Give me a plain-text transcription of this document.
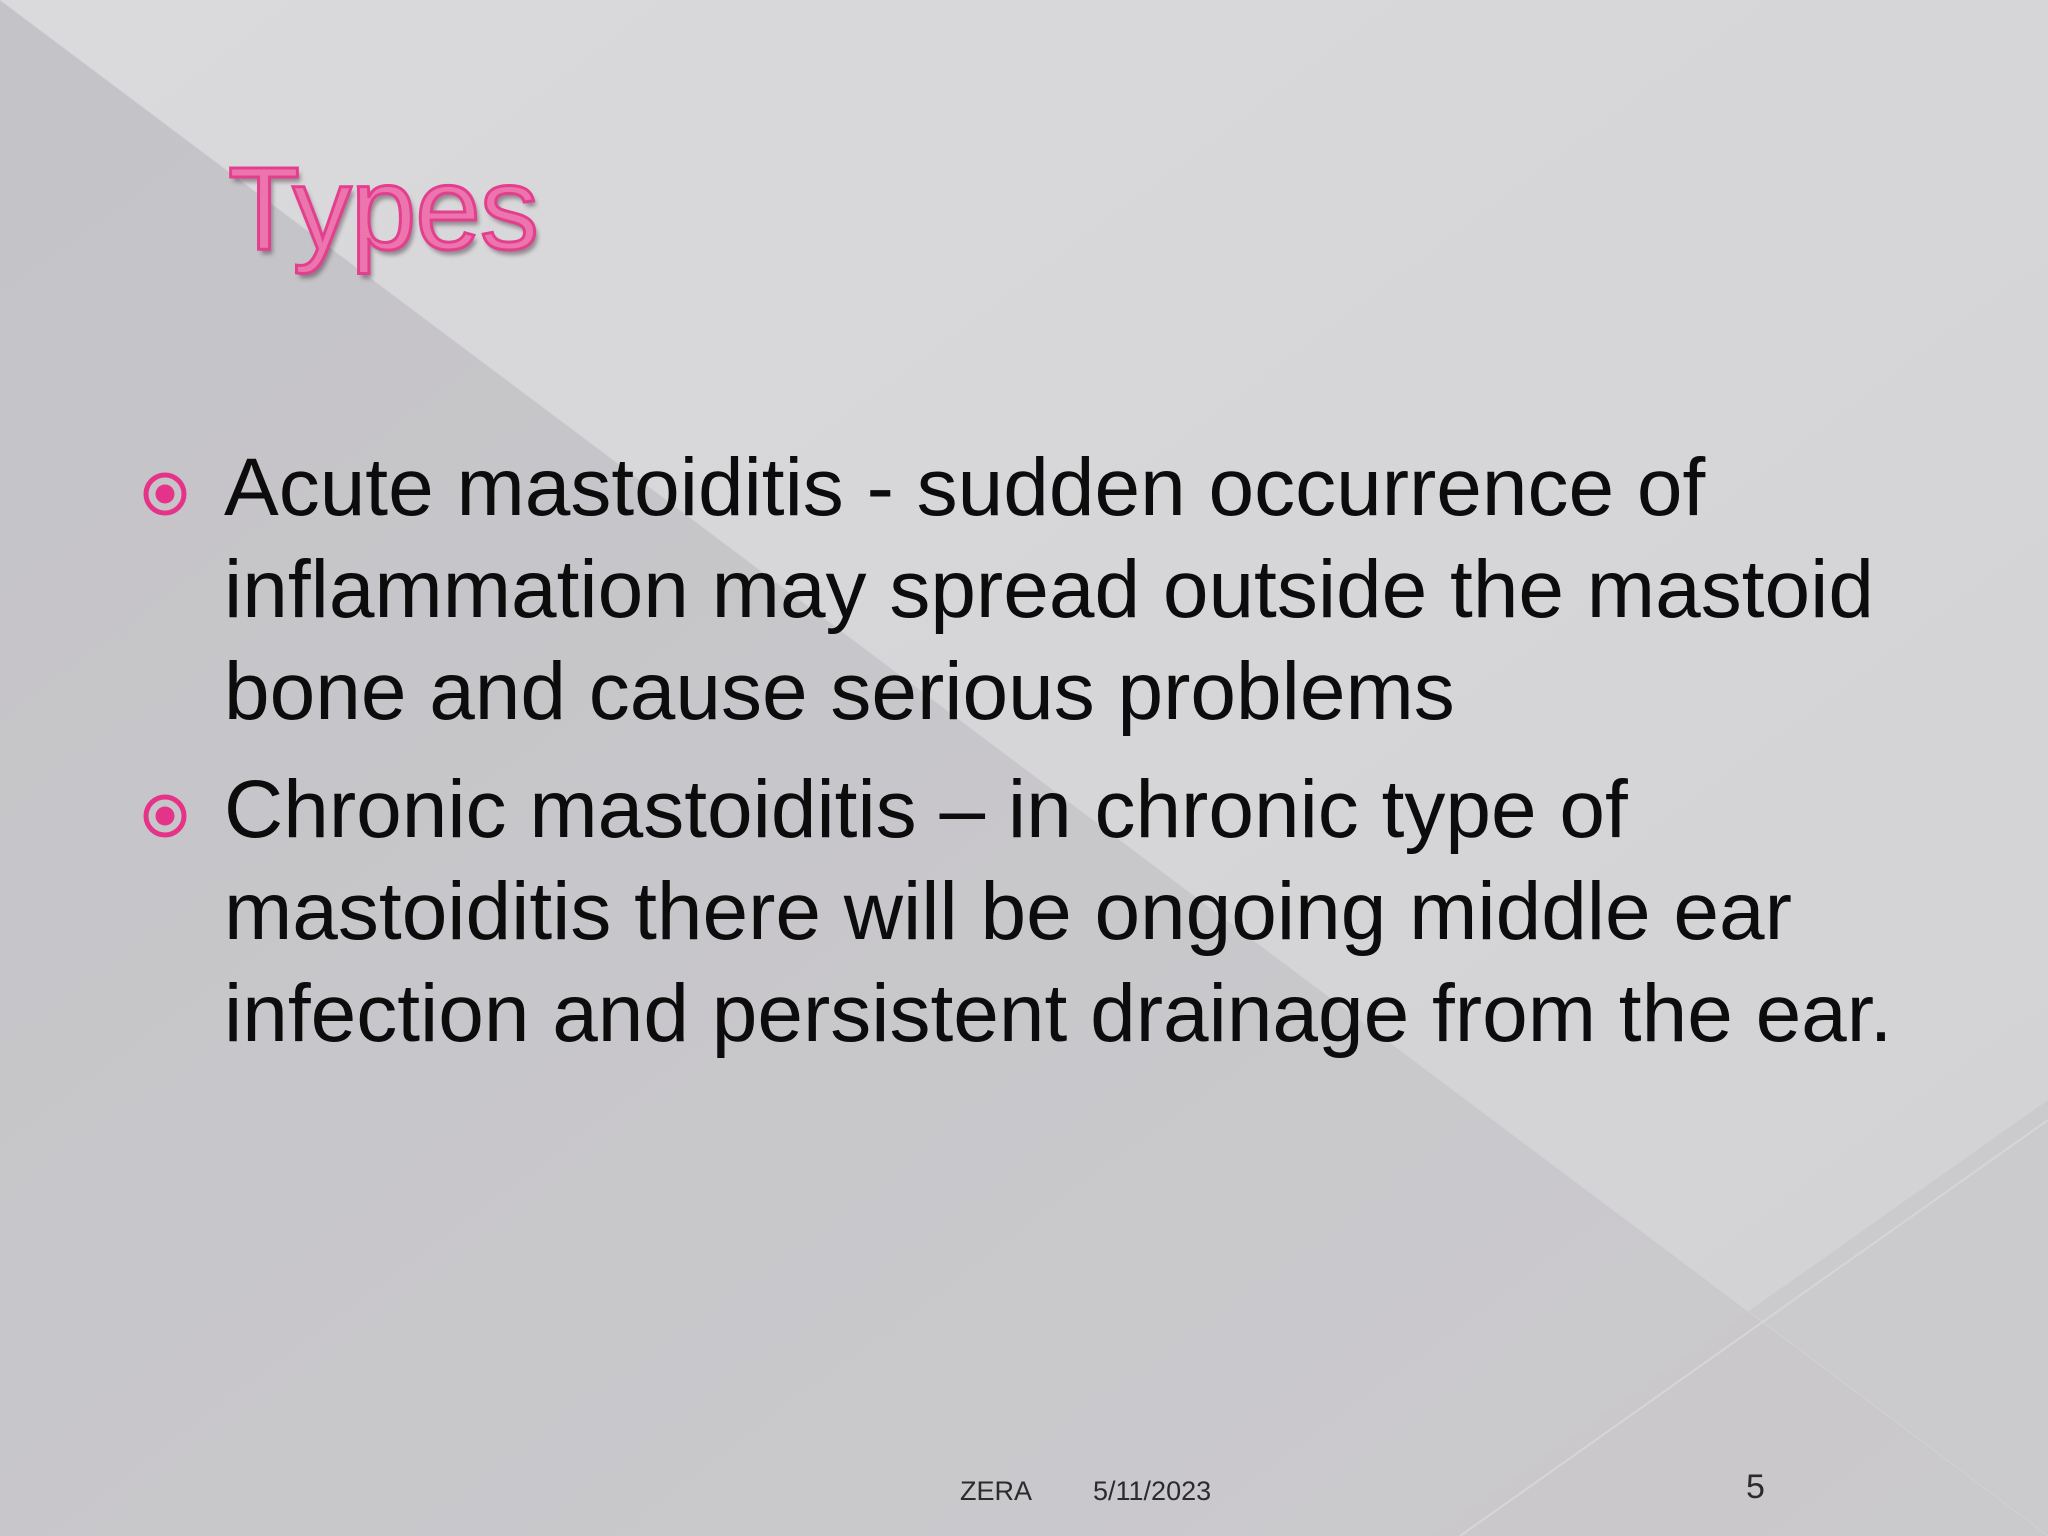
Types
Acute mastoiditis - sudden occurrence of inflammation may spread outside the mastoid bone and cause serious problems
Chronic mastoiditis – in chronic type of mastoiditis there will be ongoing middle ear infection and persistent drainage from the ear.
ZERA 5/11/2023	5
